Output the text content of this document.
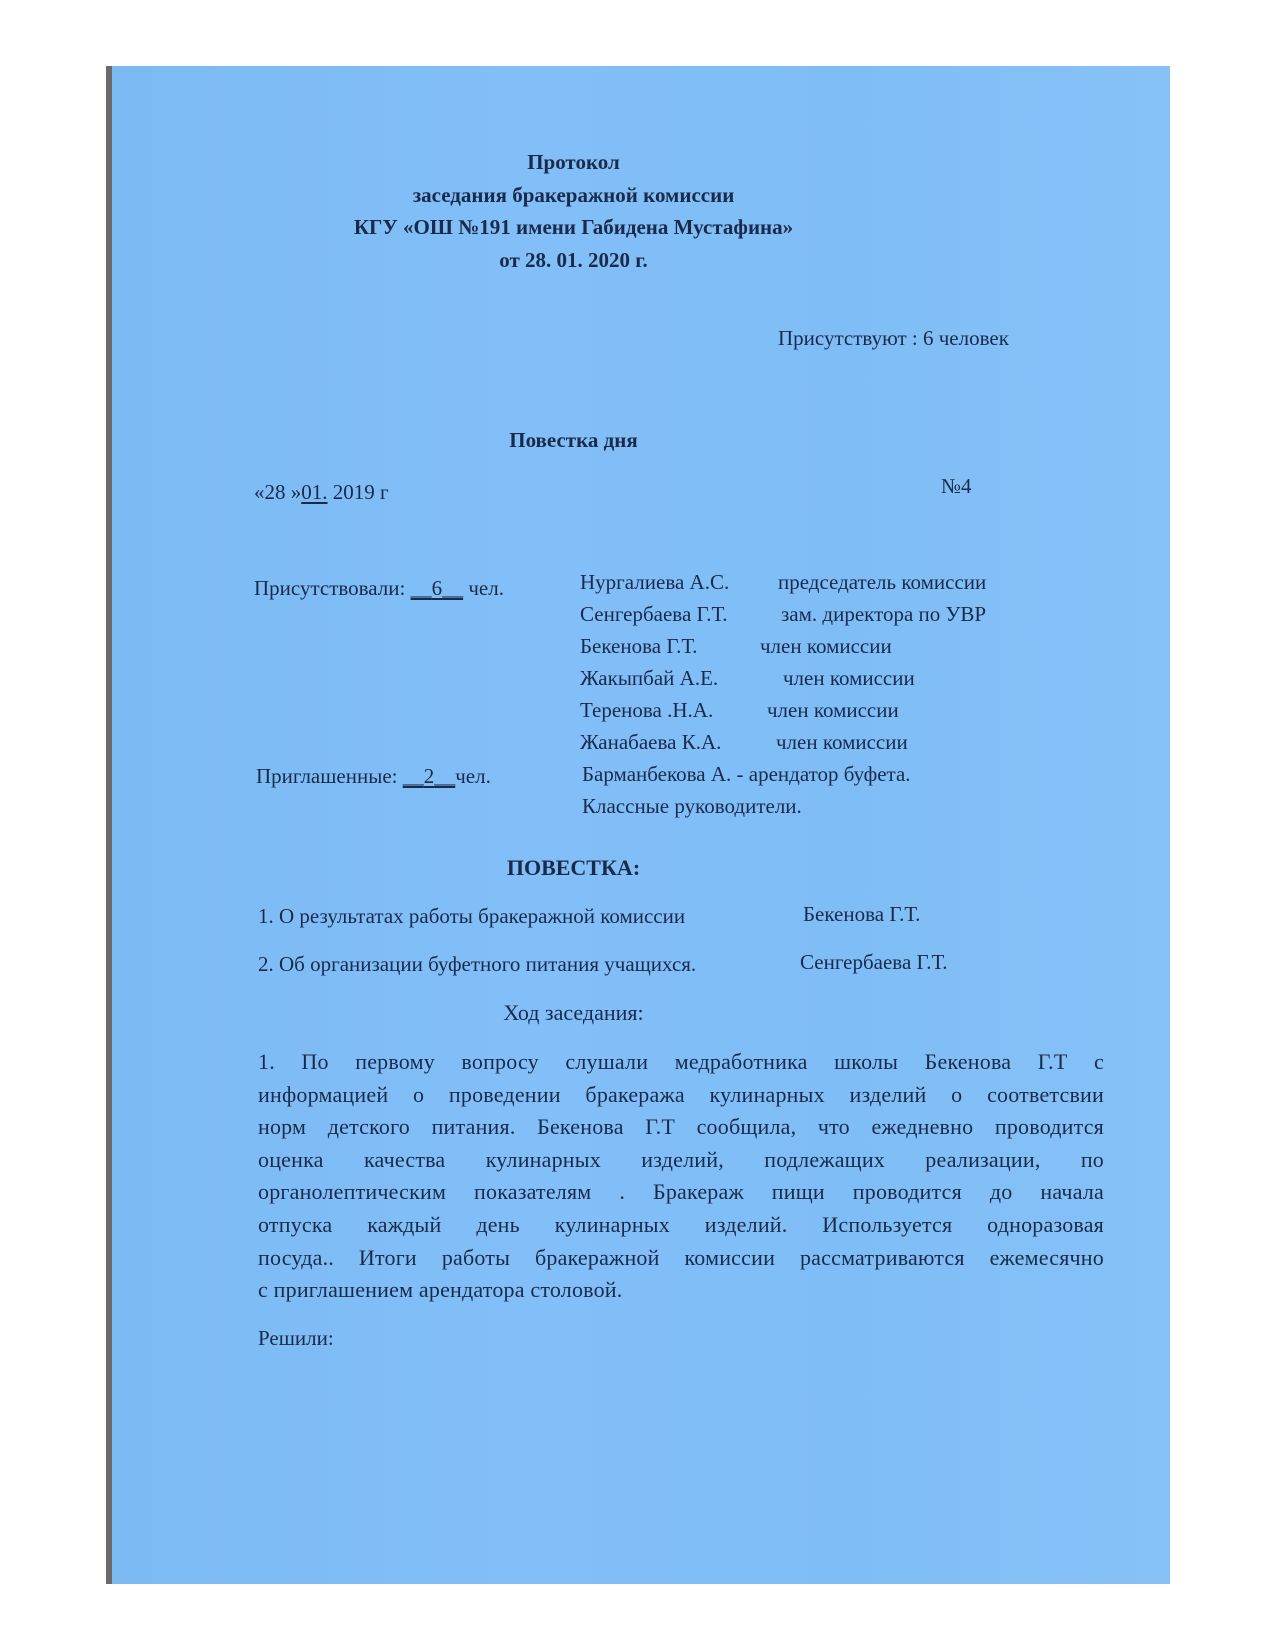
Протокол
заседания бракеражной комиссии
КГУ «ОШ №191 имени Габидена Мустафина»
от 28. 01. 2020 г.
Присутствуют : 6 человек
Повестка дня
«28 »01. 2019 г	№4
Присутствовали: __6__ чел.	Нургалиева А.С. председатель комиссии
Сенгербаева Г.Т.	зам. директора по УВР
Бекенова Г.Т.	член комиссии
Жакыпбай А.Е.	член комиссии
Теренова .Н.А.	член комиссии
Жанабаева К.А.	член комиссии
Приглашенные: __2__чел.	Барманбекова А. - арендатор буфета.
Классные руководители.
ПОВЕСТКА:
1. О результатах работы бракеражной комиссии	Бекенова Г.Т.
2. Об организации буфетного питания учащихся.	Сенгербаева Г.Т.
Ход заседания:
1. По первому вопросу слушали медработника школы Бекенова Г.Т с
информацией о проведении бракеража кулинарных изделий о соответсвии
норм детского питания. Бекенова Г.Т сообщила, что ежедневно проводится
оценка качества кулинарных изделий, подлежащих реализации, по
органолептическим показателям . Бракераж пищи проводится до начала
отпуска каждый день кулинарных изделий. Используется одноразовая
посуда.. Итоги работы бракеражной комиссии рассматриваются ежемесячно
с приглашением арендатора столовой.
Решили:
